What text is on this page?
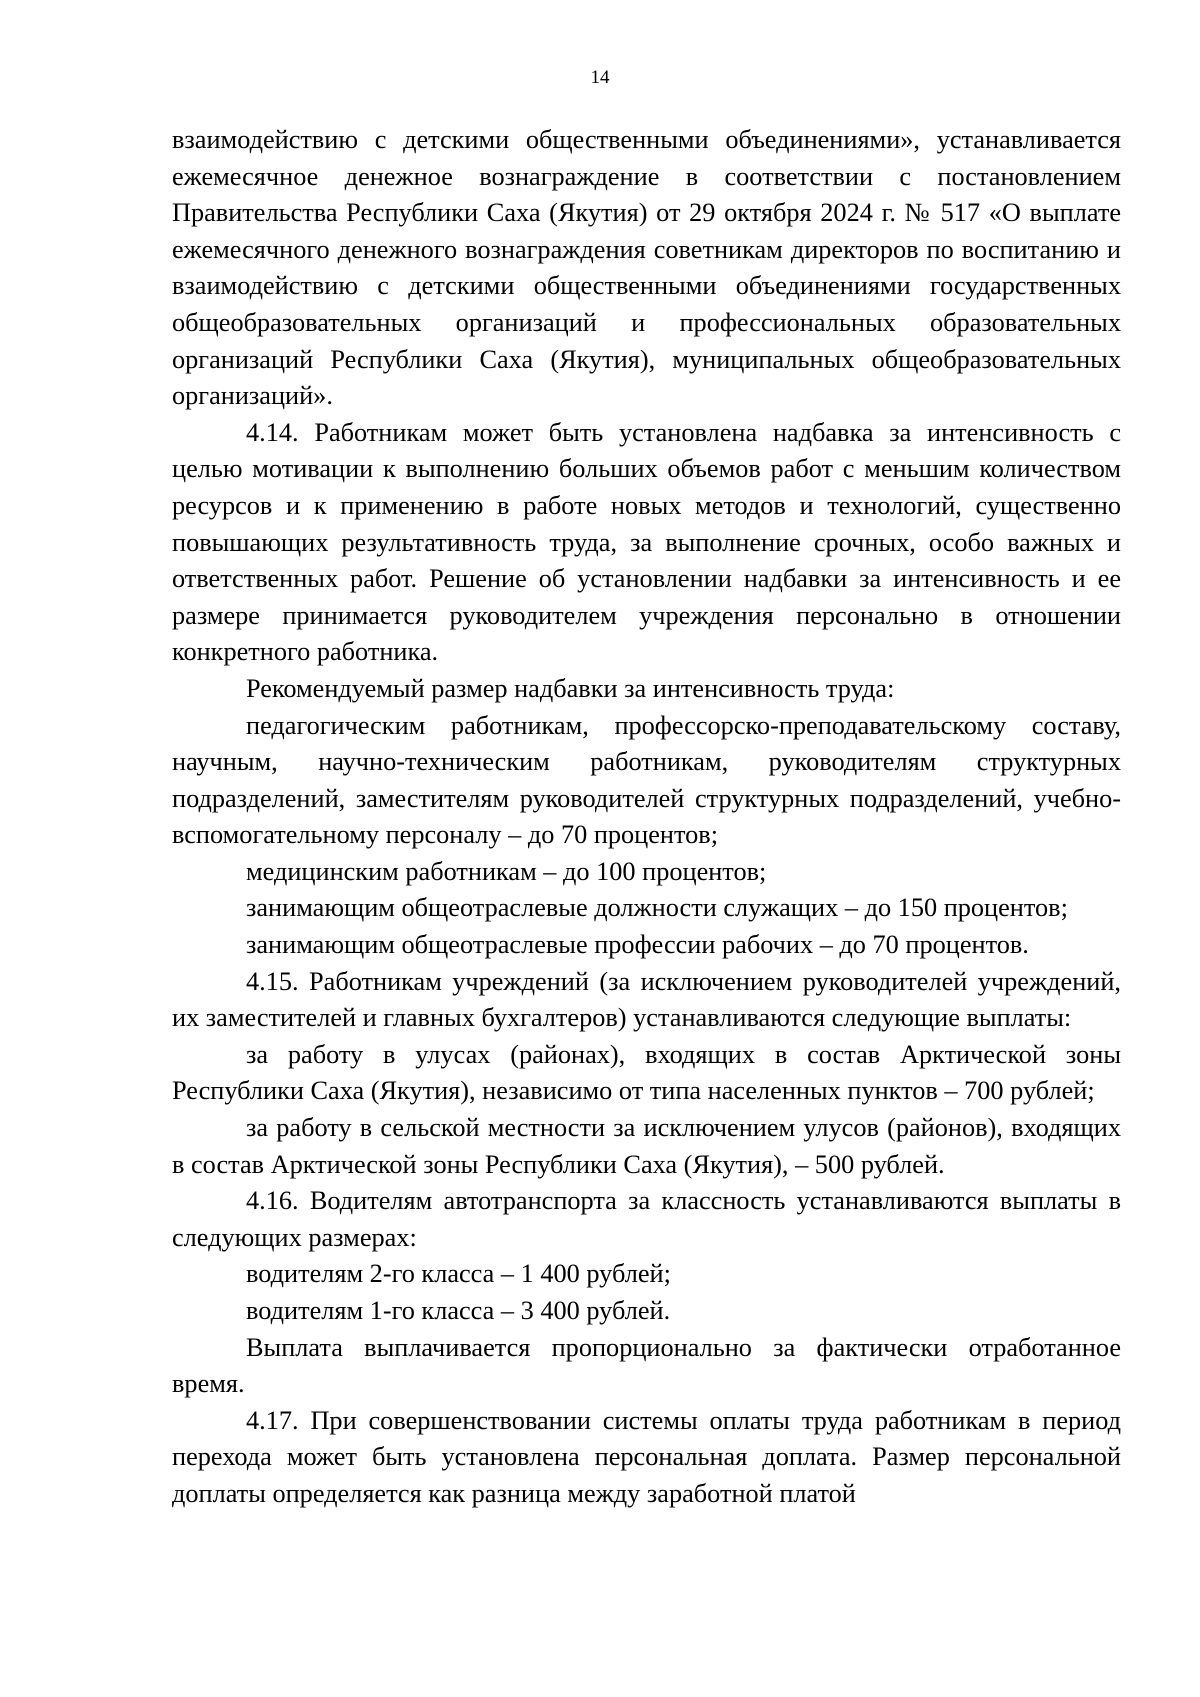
14

взаимодействию с детскими общественными объединениями», устанавливается ежемесячное денежное вознаграждение в соответствии с постановлением Правительства Республики Саха (Якутия) от 29 октября 2024 г. № 517 «О выплате ежемесячного денежного вознаграждения советникам директоров по воспитанию и взаимодействию с детскими общественными объединениями государственных общеобразовательных организаций и профессиональных образовательных организаций Республики Саха (Якутия), муниципальных общеобразовательных организаций».

4.14. Работникам может быть установлена надбавка за интенсивность с целью мотивации к выполнению больших объемов работ с меньшим количеством ресурсов и к применению в работе новых методов и технологий, существенно повышающих результативность труда, за выполнение срочных, особо важных и ответственных работ. Решение об установлении надбавки за интенсивность и ее размере принимается руководителем учреждения персонально в отношении конкретного работника.

Рекомендуемый размер надбавки за интенсивность труда:

педагогическим работникам, профессорско-преподавательскому составу, научным, научно-техническим работникам, руководителям структурных подразделений, заместителям руководителей структурных подразделений, учебно-вспомогательному персоналу – до 70 процентов;

медицинским работникам – до 100 процентов;

занимающим общеотраслевые должности служащих – до 150 процентов;

занимающим общеотраслевые профессии рабочих – до 70 процентов.

4.15. Работникам учреждений (за исключением руководителей учреждений, их заместителей и главных бухгалтеров) устанавливаются следующие выплаты:

за работу в улусах (районах), входящих в состав Арктической зоны Республики Саха (Якутия), независимо от типа населенных пунктов – 700 рублей;

за работу в сельской местности за исключением улусов (районов), входящих в состав Арктической зоны Республики Саха (Якутия), – 500 рублей.

4.16. Водителям автотранспорта за классность устанавливаются выплаты в следующих размерах:

водителям 2-го класса – 1 400 рублей;

водителям 1-го класса – 3 400 рублей.

Выплата выплачивается пропорционально за фактически отработанное время.

4.17. При совершенствовании системы оплаты труда работникам в период перехода может быть установлена персональная доплата. Размер персональной доплаты определяется как разница между заработной платой
